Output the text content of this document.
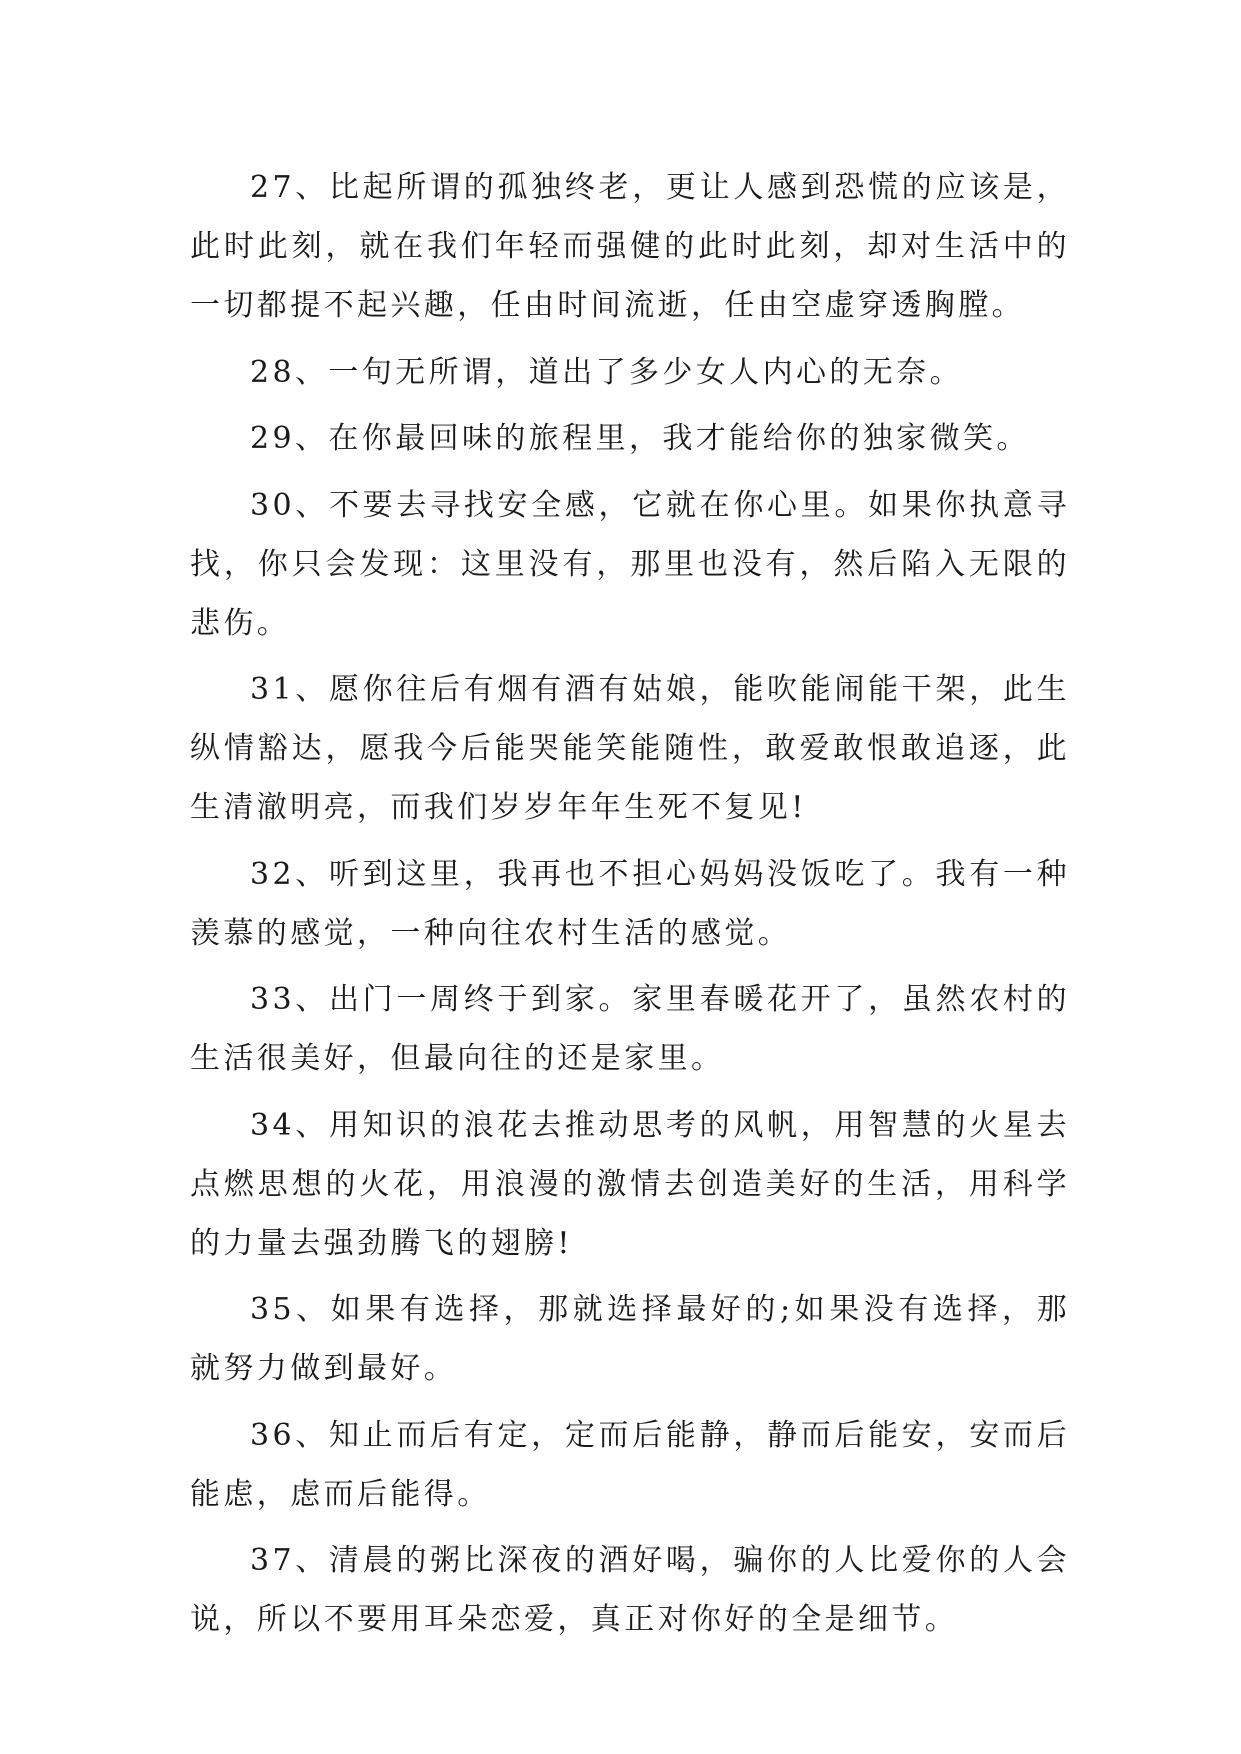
27、比起所谓的孤独终老，更让人感到恐慌的应该是，此时此刻，就在我们年轻而强健的此时此刻，却对生活中的一切都提不起兴趣，任由时间流逝，任由空虚穿透胸膛。

28、一句无所谓，道出了多少女人内心的无奈。

29、在你最回味的旅程里，我才能给你的独家微笑。

30、不要去寻找安全感，它就在你心里。如果你执意寻找，你只会发现：这里没有，那里也没有，然后陷入无限的悲伤。

31、愿你往后有烟有酒有姑娘，能吹能闹能干架，此生纵情豁达，愿我今后能哭能笑能随性，敢爱敢恨敢追逐，此生清澈明亮，而我们岁岁年年生死不复见!

32、听到这里，我再也不担心妈妈没饭吃了。我有一种羡慕的感觉，一种向往农村生活的感觉。

33、出门一周终于到家。家里春暖花开了，虽然农村的生活很美好，但最向往的还是家里。

34、用知识的浪花去推动思考的风帆，用智慧的火星去点燃思想的火花，用浪漫的激情去创造美好的生活，用科学的力量去强劲腾飞的翅膀!

35、如果有选择，那就选择最好的;如果没有选择，那就努力做到最好。

36、知止而后有定，定而后能静，静而后能安，安而后能虑，虑而后能得。

37、清晨的粥比深夜的酒好喝，骗你的人比爱你的人会说，所以不要用耳朵恋爱，真正对你好的全是细节。
